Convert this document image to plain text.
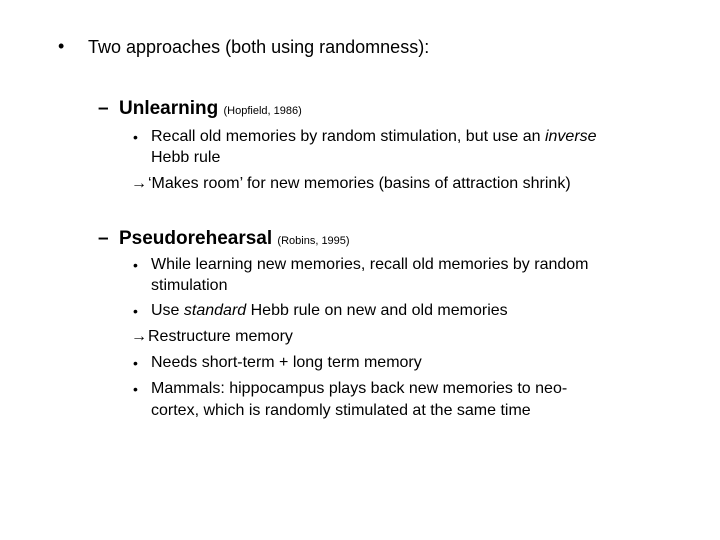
• Two approaches (both using randomness):
– Unlearning (Hopfield, 1986)
• Recall old memories by random stimulation, but use an inverse
Hebb rule
→ ‘Makes room’ for new memories (basins of attraction shrink)
– Pseudorehearsal (Robins, 1995)
• While learning new memories, recall old memories by random
stimulation
• Use standard Hebb rule on new and old memories
→ Restructure memory
• Needs short-term + long term memory
• Mammals: hippocampus plays back new memories to neo-
cortex, which is randomly stimulated at the same time
